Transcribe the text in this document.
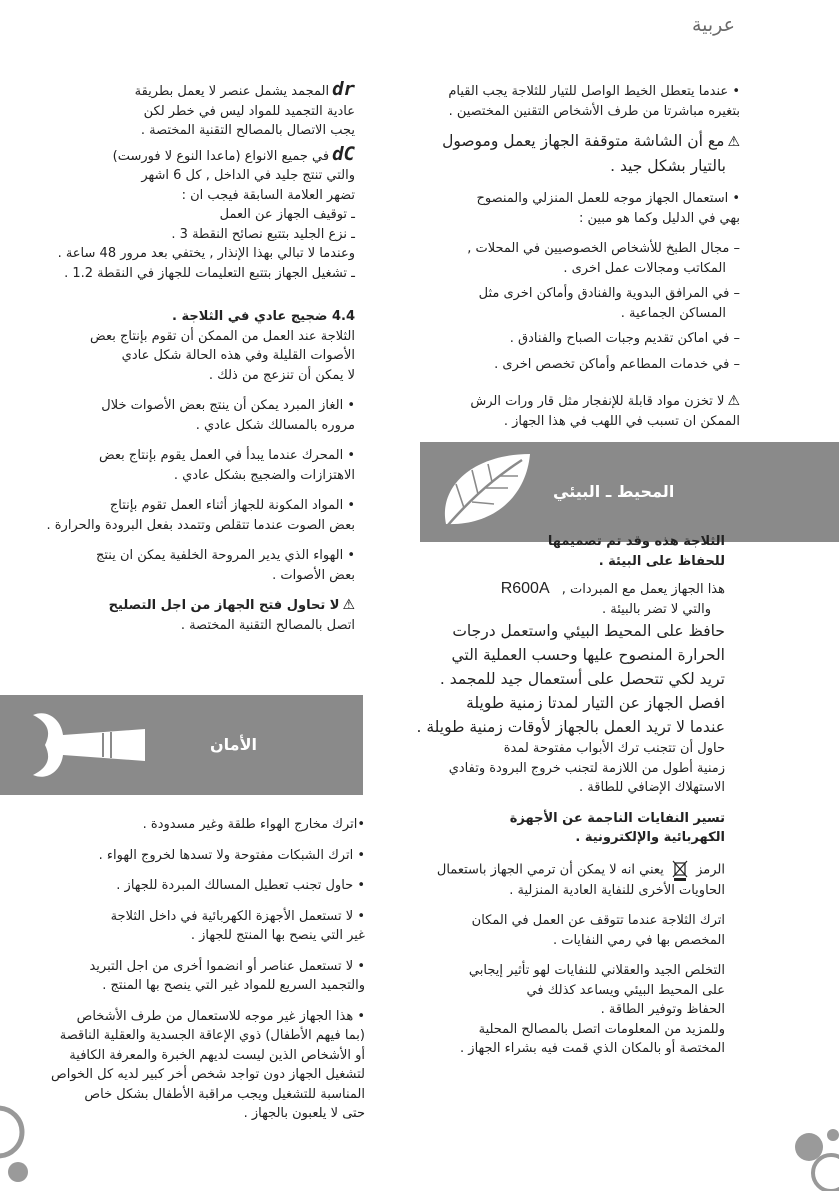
عربية

drالمجمد يشمل عنصر لا يعمل بطريقة

عادية التجميد للمواد ليس في خطر لكن

يجب الاتصال بالمصالح التقنية المختصة .

dCفي جميع الانواع (ماعدا النوع لا فورست)

والتي تنتج جليد في الداخل , كل 6 اشهر

تضهر العلامة السابقة فيجب ان :

ـ توقيف الجهاز عن العمل

ـ نزع الجليد بتتبع نصائح النقطة 3 .

وعندما لا تبالي بهذا الإنذار , يختفي بعد مرور 48 ساعة .

ـ تشغيل الجهاز بتتبع التعليمات للجهاز في النقطة 1.2 .

4.4 ضجيج عادي في الثلاجة .

الثلاجة عند العمل من الممكن أن تقوم بإنتاج بعض

الأصوات القليلة وفي هذه الحالة شكل عادي

لا يمكن أن تنزعج من ذلك .

• الغاز المبرد يمكن أن ينتج بعض الأصوات خلال

مروره بالمسالك شكل عادي .

• المحرك عندما يبدأ في العمل يقوم بإنتاج بعض

الاهتزازات والضجيج بشكل عادي .

• المواد المكونة للجهاز أثناء العمل تقوم بإنتاج

بعض الصوت عندما تتقلص وتتمدد بفعل البرودة والحرارة .

• الهواء الذي يدير المروحة الخلفية يمكن ان ينتج

بعض الأصوات .

⚠لا تحاول فتح الجهاز من اجل التصليح

اتصل بالمصالح التقنية المختصة .

الأمان

•اترك مخارج الهواء طلقة وغير مسدودة .

• اترك الشبكات مفتوحة ولا تسدها لخروج الهواء .

• حاول تجنب تعطيل المسالك المبردة للجهاز .

• لا تستعمل الأجهزة الكهربائية في داخل الثلاجة

غير التي ينصح بها المنتج للجهاز .

• لا تستعمل عناصر أو انضموا أخرى من اجل التبريد

والتجميد السريع للمواد غير التي ينصح بها المنتج .

• هذا الجهاز غير موجه للاستعمال من طرف الأشخاص

(بما فيهم الأطفال) ذوي الإعاقة الجسدية والعقلية الناقصة

أو الأشخاص الذين ليست لديهم الخبرة والمعرفة الكافية

لتشغيل الجهاز دون تواجد شخص أخر كبير لديه كل الخواص

المناسبة للتشغيل ويجب مراقبة الأطفال بشكل خاص

حتى لا يلعبون بالجهاز .

• عندما يتعطل الخيط الواصل للتيار للثلاجة يجب القيام

بتغيره مباشرتا من طرف الأشخاص التقنين المختصين .

⚠مع أن الشاشة متوقفة الجهاز يعمل وموصول

بالتيار بشكل جيد .

• استعمال الجهاز موجه للعمل المنزلي والمنصوح

بهي في الدليل وكما هو مبين :

– مجال الطبخ للأشخاص الخصوصيين في المحلات ,

المكاتب ومجالات عمل اخرى .

– في المرافق البدوية والفنادق وأماكن اخرى مثل

المساكن الجماعية .

– في اماكن تقديم وجبات الصباح والفنادق .

– في خدمات المطاعم وأماكن تخصص اخرى .

⚠لا تخزن مواد قابلة للإنفجار مثل قار ورات الرش

الممكن ان تسبب في اللهب في هذا الجهاز .

المحيط ـ البيئي

الثلاجة هذه وقد تم تصميمها

للحفاظ على البيئة .

هذا الجهاز يعمل مع المبردات , R600A

والتي لا تضر بالبيئة .

حافظ على المحيط البيئي واستعمل درجات

الحرارة المنصوح عليها وحسب العملية التي

تريد لكي تتحصل على أستعمال جيد للمجمد .

افصل الجهاز عن التيار لمدتا زمنية طويلة

عندما لا تريد العمل بالجهاز لأوقات زمنية طويلة .

حاول أن تتجنب ترك الأبواب مفتوحة لمدة

زمنية أطول من اللازمة لتجنب خروج البرودة وتفادي

الاستهلاك الإضافي للطاقة .

تسير النفايات الناجمة عن الأجهزة

الكهربائية والإلكترونية .

الرمز  يعني انه لا يمكن أن ترمي الجهاز باستعمال

الحاويات الأخرى للنفاية العادية المنزلية .

اترك الثلاجة عندما تتوقف عن العمل في المكان

المخصص بها في رمي النفايات .

التخلص الجيد والعقلاني للنفايات لهو تأثير إيجابي

على المحيط البيئي ويساعد كذلك في

الحفاظ وتوفير الطاقة .

وللمزيد من المعلومات اتصل بالمصالح المحلية

المختصة أو بالمكان الذي قمت فيه بشراء الجهاز .
